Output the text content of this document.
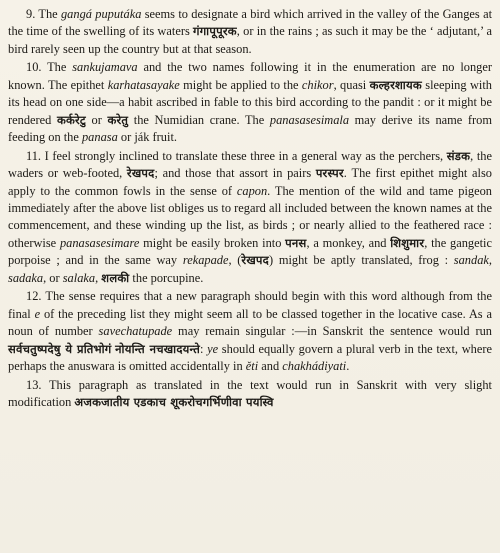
9. The gangá puputáka seems to designate a bird which arrived in the valley of the Ganges at the time of the swelling of its waters गंगापूपूरक, or in the rains ; as such it may be the ‘ adjutant,’ a bird rarely seen up the country but at that season.

10. The sankujamava and the two names following it in the enumeration are no longer known. The epithet karhatasayake might be applied to the chikor, quasi कल्हरशायक sleeping with its head on one side—a habit ascribed in fable to this bird according to the pandit : or it might be rendered कर्करेटु or करेतु the Numidian crane. The panasasesimala may derive its name from feeding on the panasa or ják fruit.

11. I feel strongly inclined to translate these three in a general way as the perchers, संडक, the waders or web-footed, रेखपद; and those that assort in pairs परस्पर. The first epithet might also apply to the common fowls in the sense of capon. The mention of the wild and tame pigeon immediately after the above list obliges us to regard all included between the known names at the commencement, and these winding up the list, as birds ; or nearly allied to the feathered race : otherwise panasasesimare might be easily broken into पनस, a monkey, and शिशुमार, the gangetic porpoise ; and in the same way rekapade, (रेखपद) might be aptly translated, frog : sandak, sadaka, or salaka, शलकी the porcupine.

12. The sense requires that a new paragraph should begin with this word although from the final e of the preceding list they might seem all to be classed together in the locative case. As a noun of number savechatupade may remain singular :—in Sanskrit the sentence would run सर्वचतुष्पदेषु ये प्रतिभोगं नोयन्ति नचखादयन्ते: ye should equally govern a plural verb in the text, where perhaps the anuswara is omitted accidentally in ěti and chakhádiyati.

13. This paragraph as translated in the text would run in Sanskrit with very slight modification अजकजातीय एडकाच शूकरोचगर्भिणीवा पयस्वि
